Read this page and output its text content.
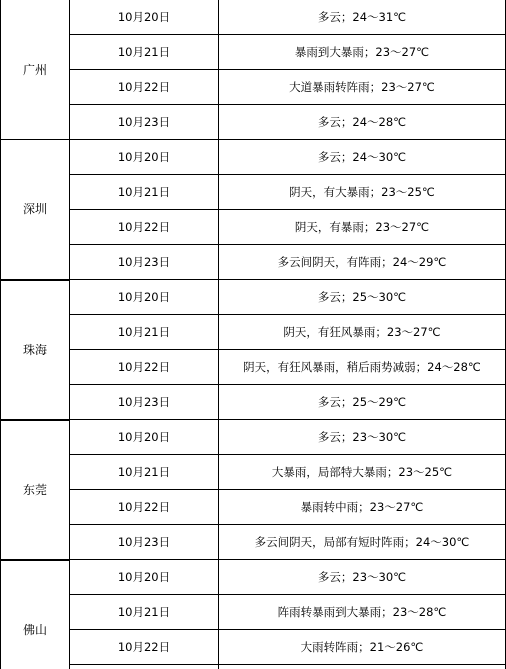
广州	10月20日	多云；24～31℃
	10月21日	暴雨到大暴雨；23～27℃
	10月22日	大道暴雨转阵雨；23～27℃
	10月23日	多云；24～28℃
深圳	10月20日	多云；24～30℃
	10月21日	阴天，有大暴雨；23～25℃
	10月22日	阴天，有暴雨；23～27℃
	10月23日	多云间阴天，有阵雨；24～29℃
珠海	10月20日	多云；25～30℃
	10月21日	阴天，有狂风暴雨；23～27℃
	10月22日	阴天，有狂风暴雨，稍后雨势减弱；24～28℃
	10月23日	多云；25～29℃
东莞	10月20日	多云；23～30℃
	10月21日	大暴雨，局部特大暴雨；23～25℃
	10月22日	暴雨转中雨；23～27℃
	10月23日	多云间阴天，局部有短时阵雨；24～30℃
佛山	10月20日	多云；23～30℃
	10月21日	阵雨转暴雨到大暴雨；23～28℃
	10月22日	大雨转阵雨；21～26℃
